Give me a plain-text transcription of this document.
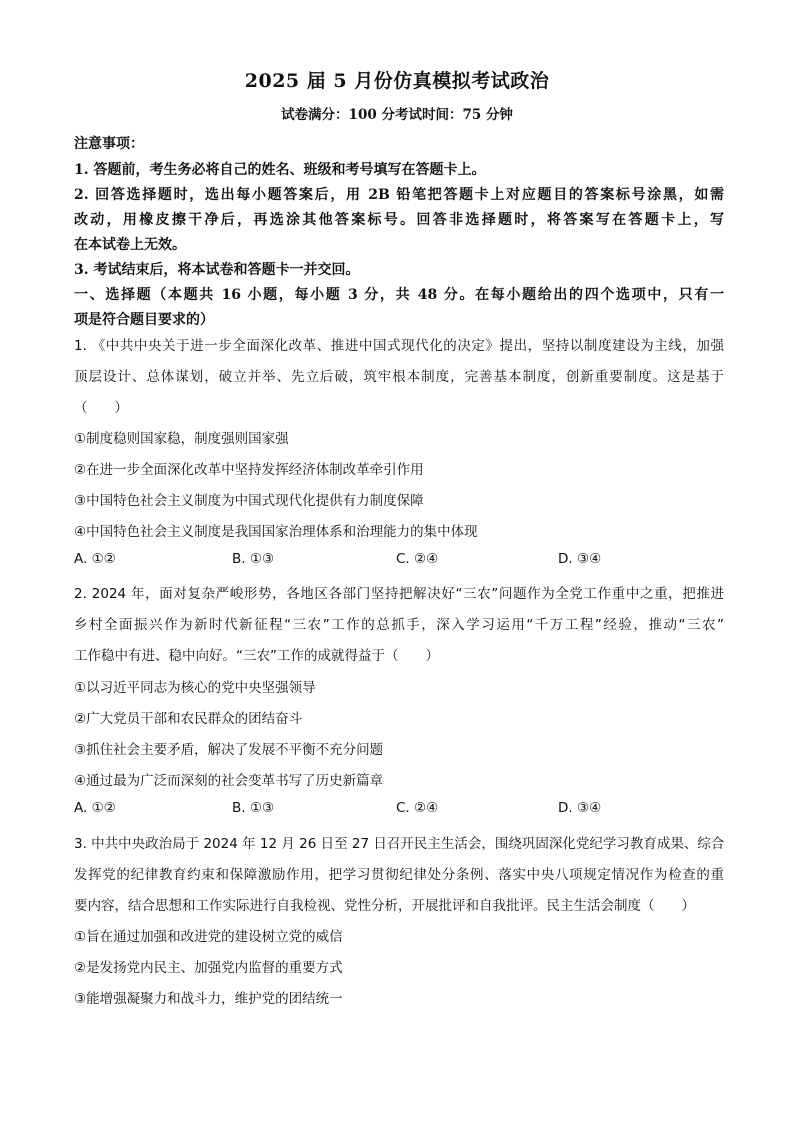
2025 届 5 月份仿真模拟考试政治
试卷满分：100 分考试时间：75 分钟
注意事项：
1. 答题前，考生务必将自己的姓名、班级和考号填写在答题卡上。
2. 回答选择题时，选出每小题答案后，用 2B 铅笔把答题卡上对应题目的答案标号涂黑，如需
改动，用橡皮擦干净后，再选涂其他答案标号。回答非选择题时，将答案写在答题卡上，写
在本试卷上无效。
3. 考试结束后，将本试卷和答题卡一并交回。
一、选择题（本题共 16 小题，每小题 3 分，共 48 分。在每小题给出的四个选项中，只有一
项是符合题目要求的）
1. 《中共中央关于进一步全面深化改革、推进中国式现代化的决定》提出，坚持以制度建设为主线，加强
顶层设计、总体谋划，破立并举、先立后破，筑牢根本制度，完善基本制度，创新重要制度。这是基于
（　　）
①制度稳则国家稳，制度强则国家强
②在进一步全面深化改革中坚持发挥经济体制改革牵引作用
③中国特色社会主义制度为中国式现代化提供有力制度保障
④中国特色社会主义制度是我国国家治理体系和治理能力的集中体现
A. ①②	B. ①③	C. ②④	D. ③④
2. 2024 年，面对复杂严峻形势，各地区各部门坚持把解决好“三农”问题作为全党工作重中之重，把推进
乡村全面振兴作为新时代新征程“三农”工作的总抓手，深入学习运用“千万工程”经验，推动“三农”
工作稳中有进、稳中向好。“三农”工作的成就得益于（　　）
①以习近平同志为核心的党中央坚强领导
②广大党员干部和农民群众的团结奋斗
③抓住社会主要矛盾，解决了发展不平衡不充分问题
④通过最为广泛而深刻的社会变革书写了历史新篇章
A. ①②	B. ①③	C. ②④	D. ③④
3. 中共中央政治局于 2024 年 12 月 26 日至 27 日召开民主生活会，围绕巩固深化党纪学习教育成果、综合
发挥党的纪律教育约束和保障激励作用，把学习贯彻纪律处分条例、落实中央八项规定情况作为检查的重
要内容，结合思想和工作实际进行自我检视、党性分析，开展批评和自我批评。民主生活会制度（　　）
①旨在通过加强和改进党的建设树立党的威信
②是发扬党内民主、加强党内监督的重要方式
③能增强凝聚力和战斗力，维护党的团结统一
